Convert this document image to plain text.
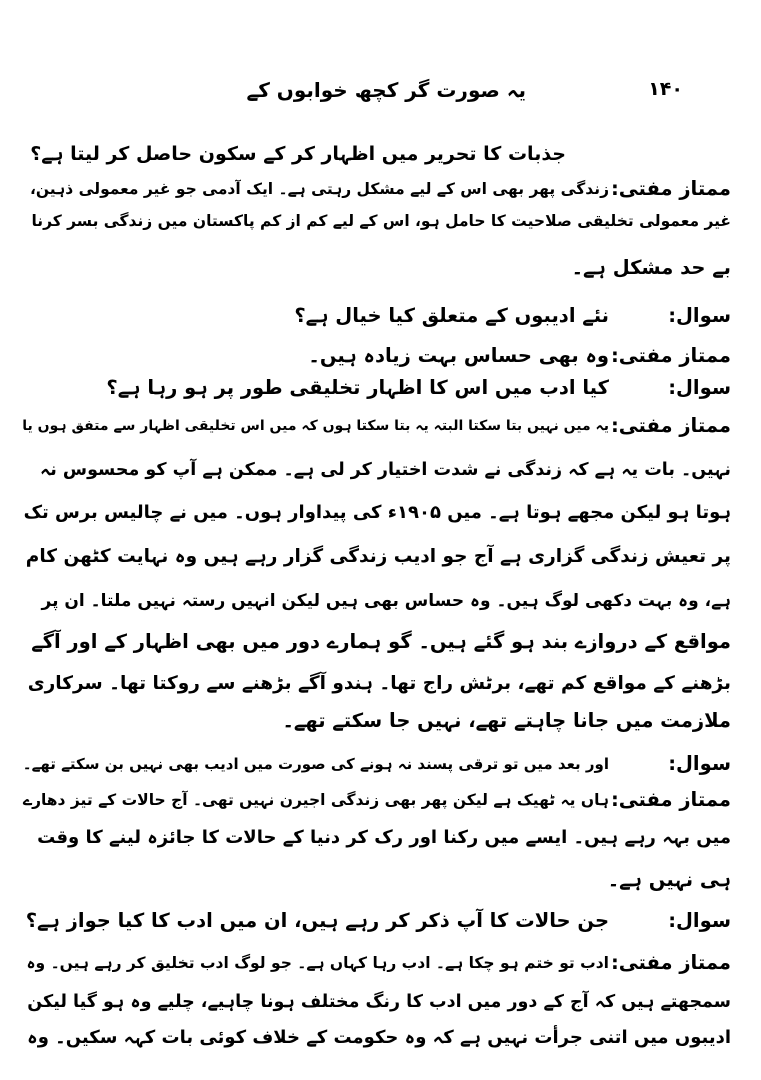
۱۴۰
یہ صورت گر کچھ خوابوں کے
جذبات کا تحریر میں اظہار کر کے سکون حاصل کر لیتا ہے؟
ممتاز مفتی:
زندگی پھر بھی اس کے لیے مشکل رہتی ہے۔ ایک آدمی جو غیر معمولی ذہین،
غیر معمولی تخلیقی صلاحیت کا حامل ہو، اس کے لیے کم از کم پاکستان میں زندگی بسر کرنا
بے حد مشکل ہے۔
سوال:
نئے ادیبوں کے متعلق کیا خیال ہے؟
ممتاز مفتی:
وہ بھی حساس بہت زیادہ ہیں۔
سوال:
کیا ادب میں اس کا اظہار تخلیقی طور پر ہو رہا ہے؟
ممتاز مفتی:
یہ میں نہیں بتا سکتا البتہ یہ بتا سکتا ہوں کہ میں اس تخلیقی اظہار سے متفق ہوں یا
نہیں۔ بات یہ ہے کہ زندگی نے شدت اختیار کر لی ہے۔ ممکن ہے آپ کو محسوس نہ
ہوتا ہو لیکن مجھے ہوتا ہے۔ میں ۱۹۰۵ء کی پیداوار ہوں۔ میں نے چالیس برس تک
پر تعیش زندگی گزاری ہے آج جو ادیب زندگی گزار رہے ہیں وہ نہایت کٹھن کام
ہے، وہ بہت دکھی لوگ ہیں۔ وہ حساس بھی ہیں لیکن انہیں رستہ نہیں ملتا۔ ان پر
مواقع کے دروازے بند ہو گئے ہیں۔ گو ہمارے دور میں بھی اظہار کے اور آگے
بڑھنے کے مواقع کم تھے، برٹش راج تھا۔ ہندو آگے بڑھنے سے روکتا تھا۔ سرکاری
ملازمت میں جانا چاہتے تھے، نہیں جا سکتے تھے۔
سوال:
اور بعد میں تو ترقی پسند نہ ہونے کی صورت میں ادیب بھی نہیں بن سکتے تھے۔
ممتاز مفتی:
ہاں یہ ٹھیک ہے لیکن پھر بھی زندگی اجیرن نہیں تھی۔ آج حالات کے تیز دھارے
میں بہہ رہے ہیں۔ ایسے میں رکنا اور رک کر دنیا کے حالات کا جائزہ لینے کا وقت
ہی نہیں ہے۔
سوال:
جن حالات کا آپ ذکر کر رہے ہیں، ان میں ادب کا کیا جواز ہے؟
ممتاز مفتی:
ادب تو ختم ہو چکا ہے۔ ادب رہا کہاں ہے۔ جو لوگ ادب تخلیق کر رہے ہیں۔ وہ
سمجھتے ہیں کہ آج کے دور میں ادب کا رنگ مختلف ہونا چاہیے، چلیے وہ ہو گیا لیکن
ادیبوں میں اتنی جرأت نہیں ہے کہ وہ حکومت کے خلاف کوئی بات کہہ سکیں۔ وہ
